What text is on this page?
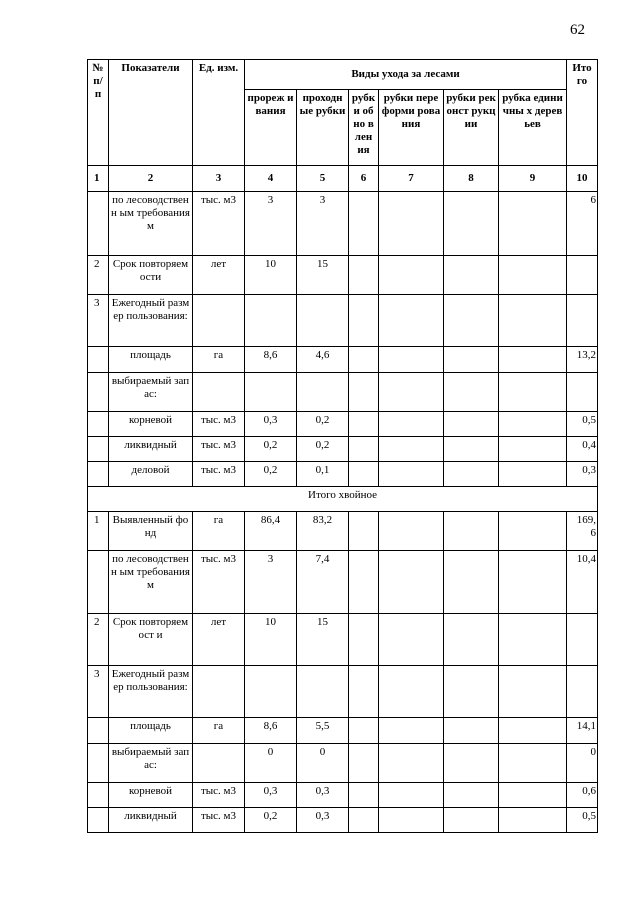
62
№ п/ п	Показатели	Ед. изм.	Виды ухода за лесами						Ито го
			прореж ивания	проходн ые рубки	рубк и обно влен ия	рубки переформи рования	рубки реконст рукции	рубка единичны х деревьев	
1	2	3	4	5	6	7	8	9	10
	по лесоводственн ым требованиям	тыс. м3	3	3					6
2	Срок повторяемости	лет	10	15					
3	Ежегодный размер пользования:								
	площадь	га	8,6	4,6					13,2
	выбираемый запас:								
	корневой	тыс. м3	0,3	0,2					0,5
	ликвидный	тыс. м3	0,2	0,2					0,4
	деловой	тыс. м3	0,2	0,1					0,3
Итого хвойное									
1	Выявленный фонд	га	86,4	83,2					169, 6
	по лесоводственн ым требованиям	тыс. м3	3	7,4					10,4
2	Срок повторяемост и	лет	10	15					
3	Ежегодный размер пользования:								
	площадь	га	8,6	5,5					14,1
	выбираемый запас:		0	0					0
	корневой	тыс. м3	0,3	0,3					0,6
	ликвидный	тыс. м3	0,2	0,3					0,5
